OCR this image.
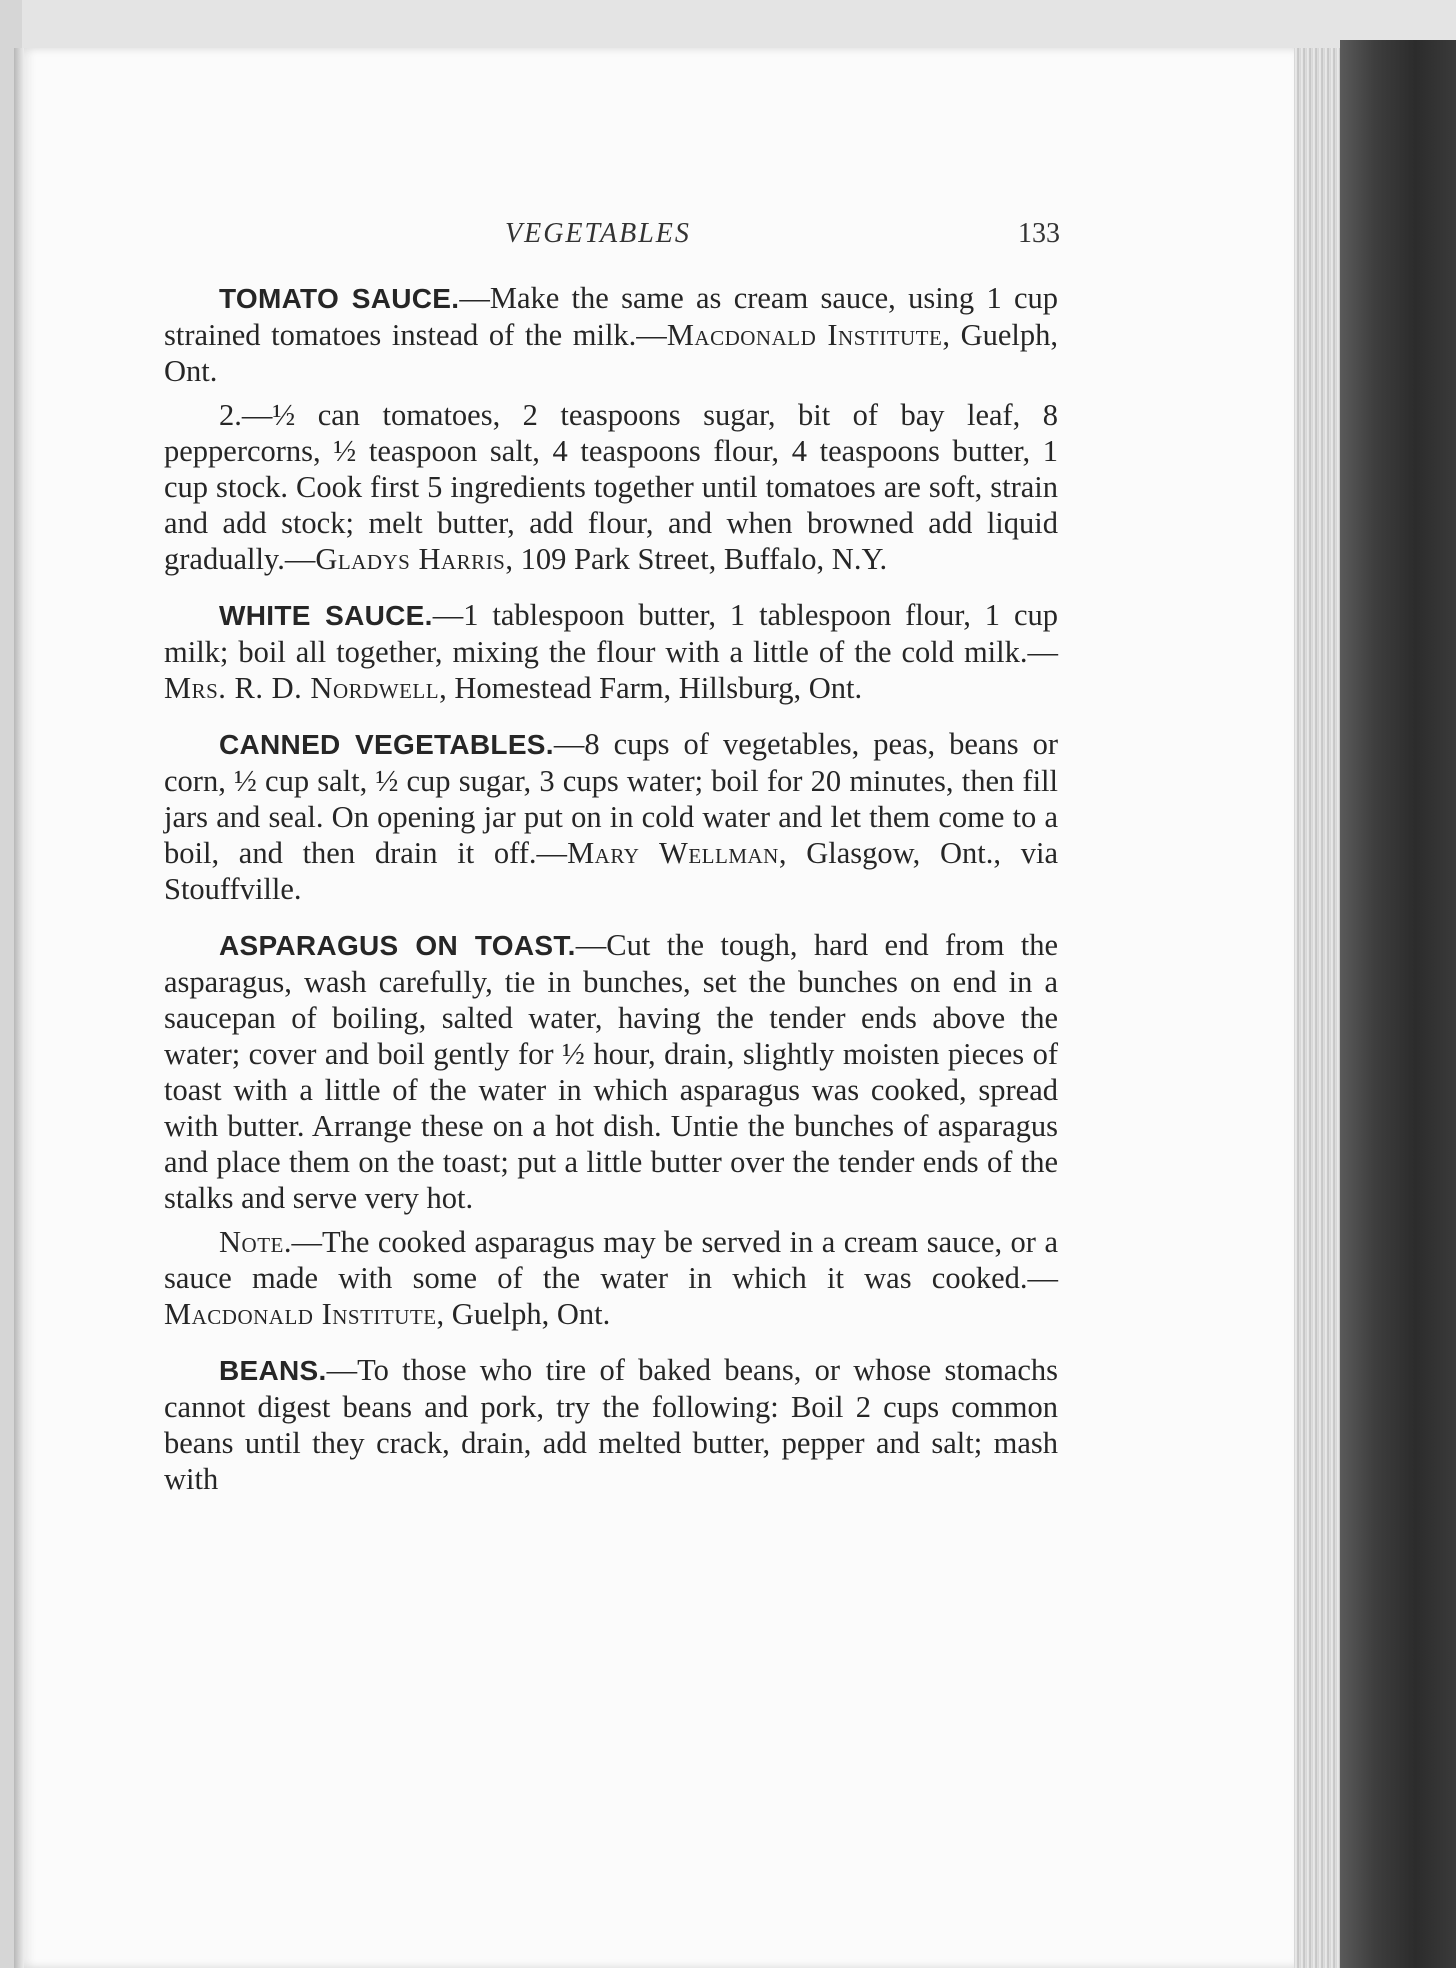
VEGETABLES	133

TOMATO SAUCE.—Make the same as cream sauce, using 1 cup strained tomatoes instead of the milk.—Macdonald Institute, Guelph, Ont.

2.—½ can tomatoes, 2 teaspoons sugar, bit of bay leaf, 8 peppercorns, ½ teaspoon salt, 4 teaspoons flour, 4 teaspoons butter, 1 cup stock. Cook first 5 ingredients together until tomatoes are soft, strain and add stock; melt butter, add flour, and when browned add liquid gradually.—Gladys Harris, 109 Park Street, Buffalo, N.Y.

WHITE SAUCE.—1 tablespoon butter, 1 tablespoon flour, 1 cup milk; boil all together, mixing the flour with a little of the cold milk.—Mrs. R. D. Nordwell, Homestead Farm, Hillsburg, Ont.

CANNED VEGETABLES.—8 cups of vegetables, peas, beans or corn, ½ cup salt, ½ cup sugar, 3 cups water; boil for 20 minutes, then fill jars and seal. On opening jar put on in cold water and let them come to a boil, and then drain it off.—Mary Wellman, Glasgow, Ont., via Stouffville.

ASPARAGUS ON TOAST.—Cut the tough, hard end from the asparagus, wash carefully, tie in bunches, set the bunches on end in a saucepan of boiling, salted water, having the tender ends above the water; cover and boil gently for ½ hour, drain, slightly moisten pieces of toast with a little of the water in which asparagus was cooked, spread with butter. Arrange these on a hot dish. Untie the bunches of asparagus and place them on the toast; put a little butter over the tender ends of the stalks and serve very hot.

Note.—The cooked asparagus may be served in a cream sauce, or a sauce made with some of the water in which it was cooked.—Macdonald Institute, Guelph, Ont.

BEANS.—To those who tire of baked beans, or whose stomachs cannot digest beans and pork, try the following: Boil 2 cups common beans until they crack, drain, add melted butter, pepper and salt; mash with
